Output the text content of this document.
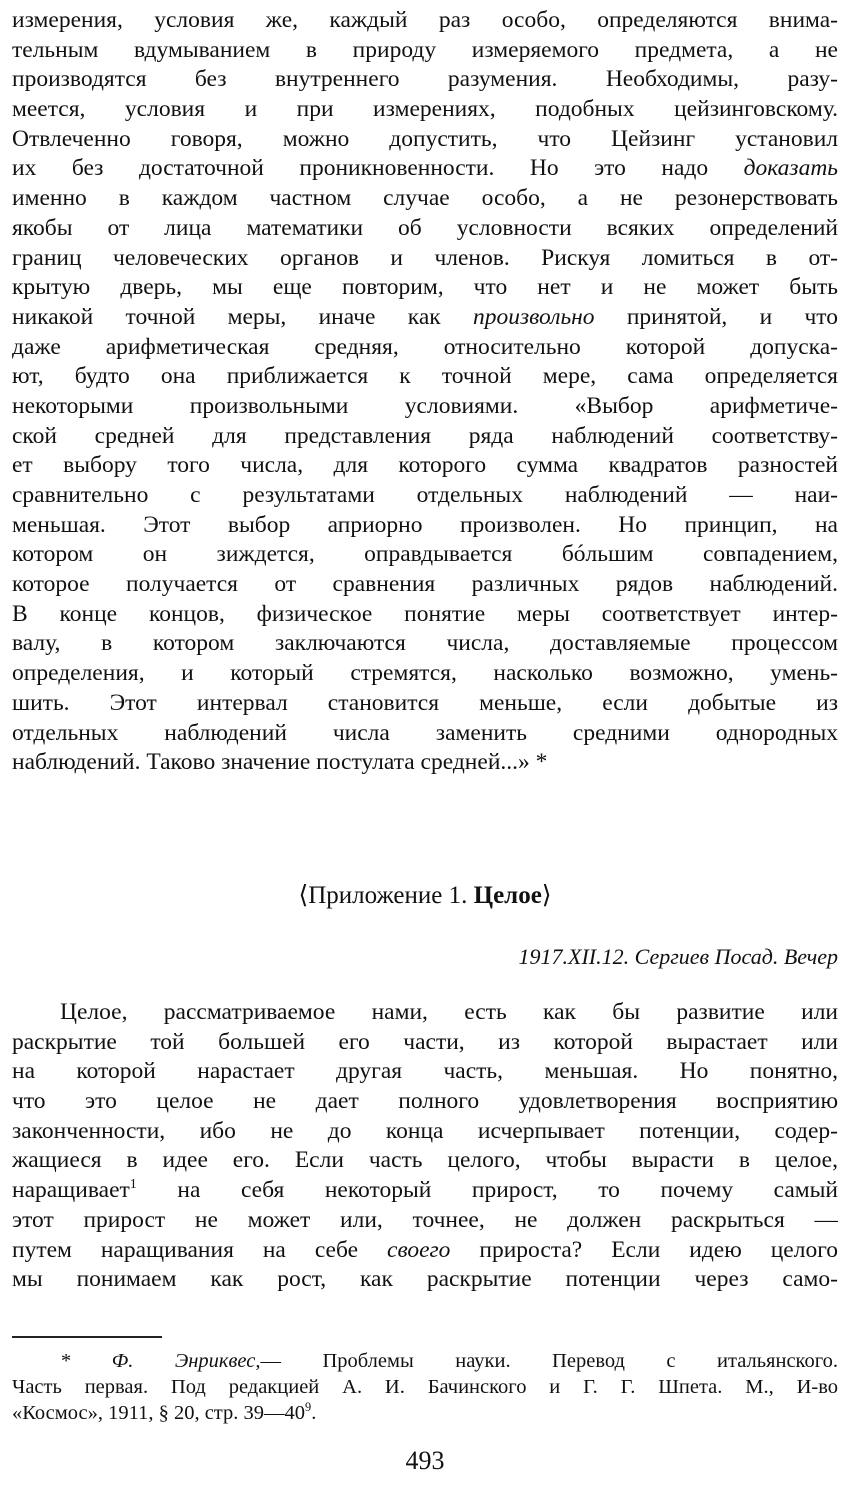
измерения, условия же, каждый раз особо, определяются внима-
тельным вдумыванием в природу измеряемого предмета, а не
производятся без внутреннего разумения. Необходимы, разу-
меется, условия и при измерениях, подобных цейзинговскому.
Отвлеченно говоря, можно допустить, что Цейзинг установил
их без достаточной проникновенности. Но это надо доказать
именно в каждом частном случае особо, а не резонерствовать
якобы от лица математики об условности всяких определений
границ человеческих органов и членов. Рискуя ломиться в от-
крытую дверь, мы еще повторим, что нет и не может быть
никакой точной меры, иначе как произвольно принятой, и что
даже арифметическая средняя, относительно которой допуска-
ют, будто она приближается к точной мере, сама определяется
некоторыми произвольными условиями. «Выбор арифметиче-
ской средней для представления ряда наблюдений соответству-
ет выбору того числа, для которого сумма квадратов разностей
сравнительно с результатами отдельных наблюдений — наи-
меньшая. Этот выбор априорно произволен. Но принцип, на
котором он зиждется, оправдывается бóльшим совпадением,
которое получается от сравнения различных рядов наблюдений.
В конце концов, физическое понятие меры соответствует интер-
валу, в котором заключаются числа, доставляемые процессом
определения, и который стремятся, насколько возможно, умень-
шить. Этот интервал становится меньше, если добытые из
отдельных наблюдений числа заменить средними однородных
наблюдений. Таково значение постулата средней...» *
⟨Приложение 1. Целое⟩
1917.XII.12. Сергиев Посад. Вечер
Целое, рассматриваемое нами, есть как бы развитие или
раскрытие той большей его части, из которой вырастает или
на которой нарастает другая часть, меньшая. Но понятно,
что это целое не дает полного удовлетворения восприятию
законченности, ибо не до конца исчерпывает потенции, содер-
жащиеся в идее его. Если часть целого, чтобы вырасти в целое,
наращивает$^1$ на себя некоторый прирост, то почему самый
этот прирост не может или, точнее, не должен раскрыться —
путем наращивания на себе своего прироста? Если идею целого
мы понимаем как рост, как раскрытие потенции через само-
* Ф. Энриквес,— Проблемы науки. Перевод с итальянского.
Часть первая. Под редакцией А. И. Бачинского и Г. Г. Шпета. М., И-во
«Космос», 1911, § 20, стр. $39—40^9$.
493
